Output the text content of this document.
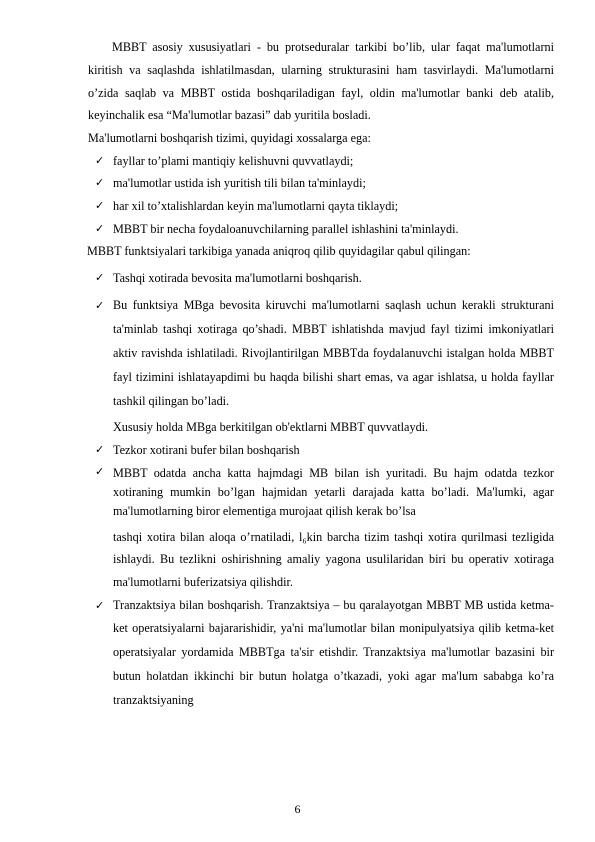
MBBT asosiy xususiyatlari - bu protseduralar tarkibi bo’lib, ular faqat ma'lumotlarni kiritish va saqlashda ishlatilmasdan, ularning strukturasini ham tasvirlaydi. Ma'lumotlarni o’zida saqlab va MBBT ostida boshqariladigan fayl, oldin ma'lumotlar banki deb atalib, keyinchalik esa “Ma'lumotlar bazasi” dab yuritila bosladi.

Ma'lumotlarni boshqarish tizimi, quyidagi xossalarga ega:
✓ fayllar to’plami mantiqiy kelishuvni quvvatlaydi;
✓ ma'lumotlar ustida ish yuritish tili bilan ta'minlaydi;
✓ har xil to’xtalishlardan keyin ma'lumotlarni qayta tiklaydi;
✓ MBBT bir necha foydaloanuvchilarning parallel ishlashini ta'minlaydi.
MBBT funktsiyalari tarkibiga yanada aniqroq qilib quyidagilar qabul qilingan:
✓ Tashqi xotirada bevosita ma'lumotlarni boshqarish.
✓ Bu funktsiya MBga bevosita kiruvchi ma'lumotlarni saqlash uchun kerakli strukturani ta'minlab tashqi xotiraga qo’shadi. MBBT ishlatishda mavjud fayl tizimi imkoniyatlari aktiv ravishda ishlatiladi. Rivojlantirilgan MBBTda foydalanuvchi istalgan holda MBBT fayl tizimini ishlatayapdimi bu haqda bilishi shart emas, va agar ishlatsa, u holda fayllar tashkil qilingan bo’ladi.

Xususiy holda MBga berkitilgan ob'ektlarni MBBT quvvatlaydi.

✓ Tezkor xotirani bufer bilan boshqarish
✓ MBBT odatda ancha katta hajmdagi MB bilan ish yuritadi. Bu hajm odatda tezkor xotiraning mumkin bo’lgan hajmidan yetarli darajada katta bo’ladi. Ma'lumki, agar ma'lumotlarning biror elementiga murojaat qilish kerak bo’lsa

tashqi xotira bilan aloqa o’rnatiladi, l₆kin barcha tizim tashqi xotira qurilmasi tezligida ishlaydi. Bu tezlikni oshirishning amaliy yagona usulilaridan biri bu operativ xotiraga ma'lumotlarni buferizatsiya qilishdir.

✓ Tranzaktsiya bilan boshqarish. Tranzaktsiya – bu qaralayotgan MBBT MB ustida ketma-ket operatsiyalarni bajararishidir, ya'ni ma'lumotlar bilan monipulyatsiya qilib ketma-ket operatsiyalar yordamida MBBTga ta'sir etishdir. Tranzaktsiya ma'lumotlar bazasini bir butun holatdan ikkinchi bir butun holatga o’tkazadi, yoki agar ma'lum sababga ko’ra tranzaktsiyaning
6
